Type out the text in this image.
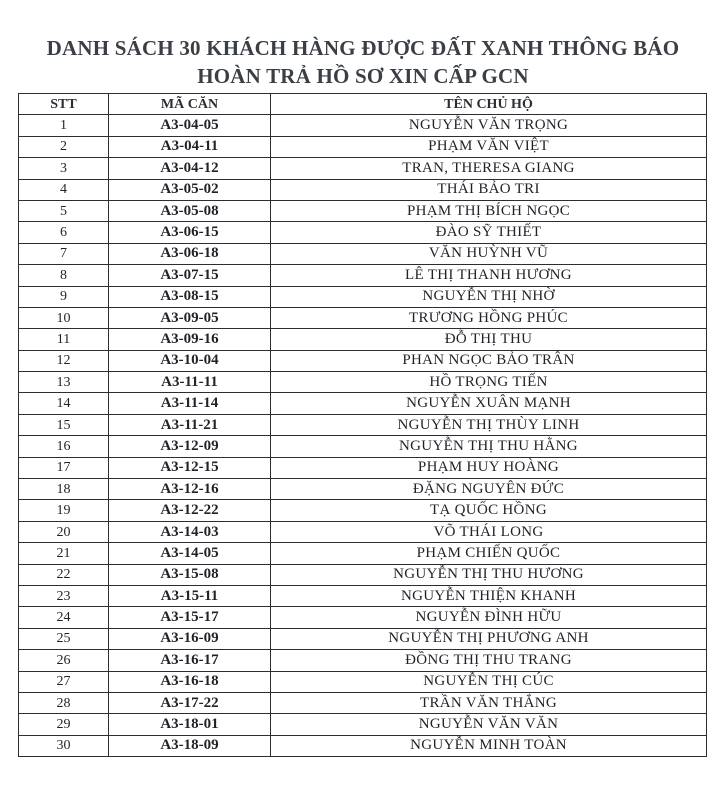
DANH SÁCH 30 KHÁCH HÀNG ĐƯỢC ĐẤT XANH THÔNG BÁO
HOÀN TRẢ HỒ SƠ XIN CẤP GCN
STT	MÃ CĂN	TÊN CHỦ HỘ
1	A3-04-05	NGUYỄN VĂN TRỌNG
2	A3-04-11	PHẠM VĂN VIỆT
3	A3-04-12	TRAN, THERESA GIANG
4	A3-05-02	THÁI BẢO TRI
5	A3-05-08	PHẠM THỊ BÍCH NGỌC
6	A3-06-15	ĐÀO SỸ THIẾT
7	A3-06-18	VĂN HUỲNH VŨ
8	A3-07-15	LÊ THỊ THANH HƯƠNG
9	A3-08-15	NGUYỄN THỊ NHỜ
10	A3-09-05	TRƯƠNG HỒNG PHÚC
11	A3-09-16	ĐỖ THỊ THU
12	A3-10-04	PHAN NGỌC BẢO TRÂN
13	A3-11-11	HỒ TRỌNG TIẾN
14	A3-11-14	NGUYỄN XUÂN MẠNH
15	A3-11-21	NGUYỄN THỊ THÙY LINH
16	A3-12-09	NGUYỄN THỊ THU HẰNG
17	A3-12-15	PHẠM HUY HOÀNG
18	A3-12-16	ĐẶNG NGUYÊN ĐỨC
19	A3-12-22	TẠ QUỐC HỒNG
20	A3-14-03	VÕ THÁI LONG
21	A3-14-05	PHẠM CHIẾN QUỐC
22	A3-15-08	NGUYỄN THỊ THU HƯƠNG
23	A3-15-11	NGUYỄN THIỆN KHANH
24	A3-15-17	NGUYỄN ĐÌNH HỮU
25	A3-16-09	NGUYỄN THỊ PHƯƠNG ANH
26	A3-16-17	ĐỒNG THỊ THU TRANG
27	A3-16-18	NGUYỄN THỊ CÚC
28	A3-17-22	TRẦN VĂN THẮNG
29	A3-18-01	NGUYỄN VĂN VĂN
30	A3-18-09	NGUYỄN MINH TOÀN
